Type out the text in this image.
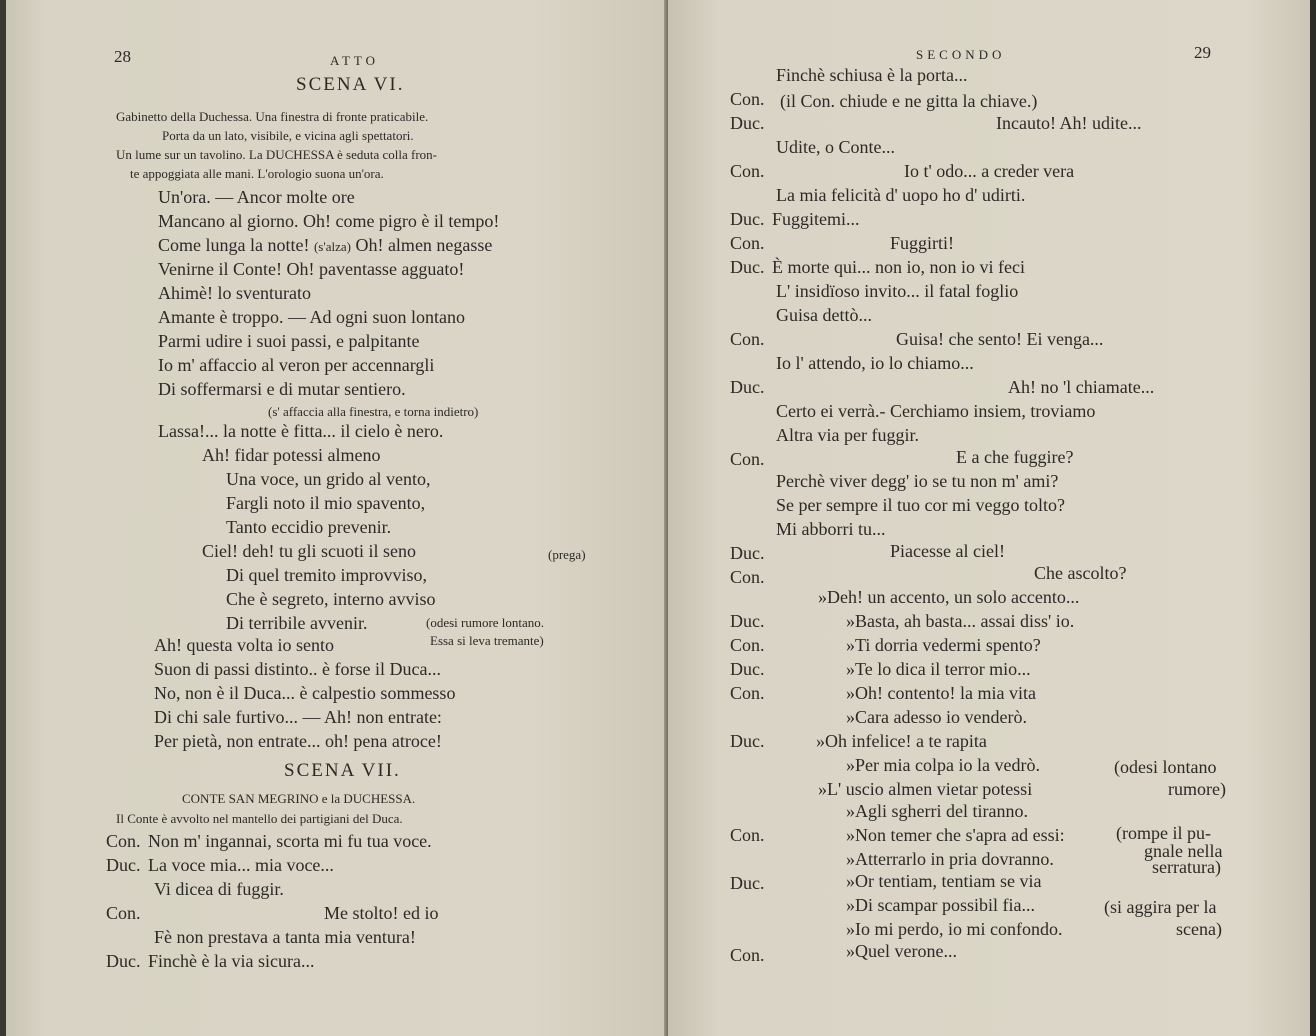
28	ATTO
SCENA VI.
Gabinetto della Duchessa. Una finestra di fronte praticabile.
Porta da un lato, visibile, e vicina agli spettatori.
Un lume sur un tavolino. La DUCHESSA è seduta colla fron-
te appoggiata alle mani. L'orologio suona un'ora.
Un'ora. — Ancor molte ore
Mancano al giorno. Oh! come pigro è il tempo!
Come lunga la notte! (s'alza) Oh! almen negasse
Venirne il Conte! Oh! paventasse agguato!
Ahimè! lo sventurato
Amante è troppo. — Ad ogni suon lontano
Parmi udire i suoi passi, e palpitante
Io m' affaccio al veron per accennargli
Di soffermarsi e di mutar sentiero.
(s' affaccia alla finestra, e torna indietro)
Lassa!... la notte è fitta... il cielo è nero.
Ah! fidar potessi almeno
Una voce, un grido al vento,
Fargli noto il mio spavento,
Tanto eccidio prevenir.
Ciel! deh! tu gli scuoti il seno	(prega)
Di quel tremito improvviso,
Che è segreto, interno avviso
Di terribile avvenir.	(odesi rumore lontano.
Ah! questa volta io sento	Essa si leva tremante)
Suon di passi distinto.. è forse il Duca...
No, non è il Duca... è calpestio sommesso
Di chi sale furtivo... — Ah! non entrate:
Per pietà, non entrate... oh! pena atroce!
SCENA VII.
CONTE SAN MEGRINO e la DUCHESSA.
Il Conte è avvolto nel mantello dei partigiani del Duca.
Con. Non m' ingannai, scorta mi fu tua voce.
Duc. La voce mia... mia voce...
Vi dicea di fuggir.
Con.	Me stolto! ed io
Fè non prestava a tanta mia ventura!
Duc. Finchè è la via sicura...
SECONDO	29
Finchè schiusa è la porta...
Con. (il Con. chiude e ne gitta la chiave.)
Duc.	Incauto! Ah! udite...
Udite, o Conte...
Con.	Io t' odo... a creder vera
La mia felicità d' uopo ho d' udirti.
Duc. Fuggitemi...
Con.	Fuggirti!
Duc. È morte qui... non io, non io vi feci
L' insidïoso invito... il fatal foglio
Guisa dettò...
Con.	Guisa! che sento! Ei venga...
Io l' attendo, io lo chiamo...
Duc.	Ah! no 'l chiamate...
Certo ei verrà.- Cerchiamo insiem, troviamo
Altra via per fuggir.
Con.	E a che fuggire?
Perchè viver degg' io se tu non m' ami?
Se per sempre il tuo cor mi veggo tolto?
Mi abborri tu...
Duc.	Piacesse al ciel!
Con.	Che ascolto?
»Deh! un accento, un solo accento...
Duc.	»Basta, ah basta... assai diss' io.
Con.	»Ti dorria vedermi spento?
Duc.	»Te lo dica il terror mio...
Con.	»Oh! contento! la mia vita
»Cara adesso io venderò.
Duc.	»Oh infelice! a te rapita
»Per mia colpa io la vedrò.	(odesi lontano
»L' uscio almen vietar potessi	rumore)
»Agli sgherri del tiranno.
Con.	»Non temer che s'apra ad essi:	(rompe il pu-
»Atterrarlo in pria dovranno.	gnale nella
serratura)
Duc.	»Or tentiam, tentiam se via
»Di scampar possibil fia...	(si aggira per la
»Io mi perdo, io mi confondo.	scena)
Con.	»Quel verone...
